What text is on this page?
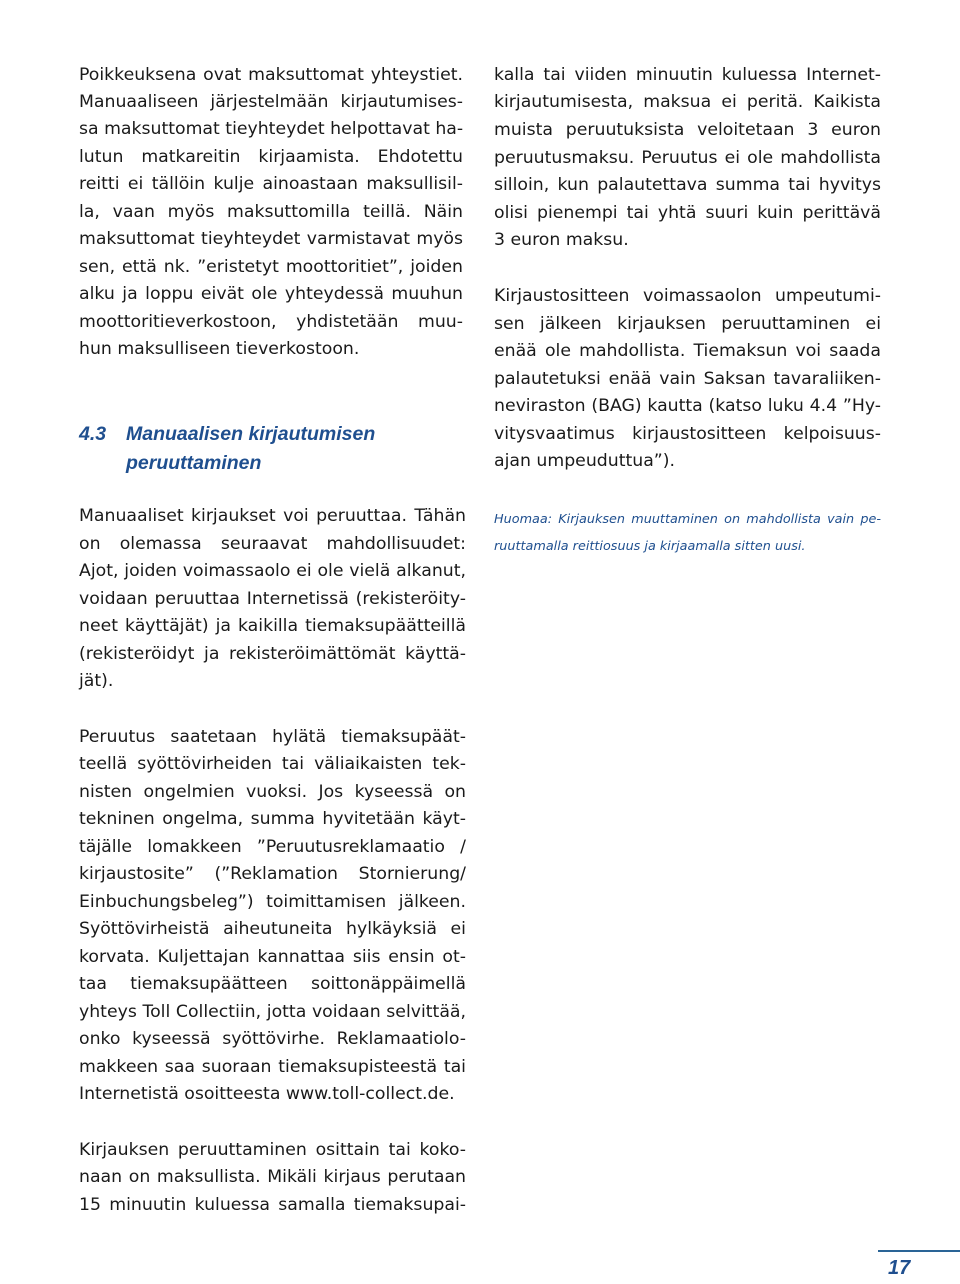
Poikkeuksena ovat maksuttomat yhteystiet.
Manuaaliseen järjestelmään kirjautumises-
sa maksuttomat tieyhteydet helpottavat ha-
lutun matkareitin kirjaamista. Ehdotettu
reitti ei tällöin kulje ainoastaan maksullisil-
la, vaan myös maksuttomilla teillä. Näin
maksuttomat tieyhteydet varmistavat myös
sen, että nk. ”eristetyt moottoritiet”, joiden
alku ja loppu eivät ole yhteydessä muuhun
moottoritieverkostoon, yhdistetään muu-
hun maksulliseen tieverkostoon.
4.3 Manuaalisen kirjautumisen
peruuttaminen
Manuaaliset kirjaukset voi peruuttaa. Tähän
on olemassa seuraavat mahdollisuudet:
Ajot, joiden voimassaolo ei ole vielä alkanut,
voidaan peruuttaa Internetissä (rekisteröity-
neet käyttäjät) ja kaikilla tiemaksupäätteillä
(rekisteröidyt ja rekisteröimättömät käyttä-
jät).
Peruutus saatetaan hylätä tiemaksupäät-
teellä syöttövirheiden tai väliaikaisten tek-
nisten ongelmien vuoksi. Jos kyseessä on
tekninen ongelma, summa hyvitetään käyt-
täjälle lomakkeen ”Peruutusreklamaatio /
kirjaustosite” (”Reklamation Stornierung/
Einbuchungsbeleg”) toimittamisen jälkeen.
Syöttövirheistä aiheutuneita hylkäyksiä ei
korvata. Kuljettajan kannattaa siis ensin ot-
taa tiemaksupäätteen soittonäppäimellä
yhteys Toll Collectiin, jotta voidaan selvittää,
onko kyseessä syöttövirhe. Reklamaatiolo-
makkeen saa suoraan tiemaksupisteestä tai
Internetistä osoitteesta www.toll-collect.de.
Kirjauksen peruuttaminen osittain tai koko-
naan on maksullista. Mikäli kirjaus perutaan
15 minuutin kuluessa samalla tiemaksupai-
kalla tai viiden minuutin kuluessa Internet-
kirjautumisesta, maksua ei peritä. Kaikista
muista peruutuksista veloitetaan 3 euron
peruutusmaksu. Peruutus ei ole mahdollista
silloin, kun palautettava summa tai hyvitys
olisi pienempi tai yhtä suuri kuin perittävä
3 euron maksu.
Kirjaustositteen voimassaolon umpeutumi-
sen jälkeen kirjauksen peruuttaminen ei
enää ole mahdollista. Tiemaksun voi saada
palautetuksi enää vain Saksan tavaraliiken-
neviraston (BAG) kautta (katso luku 4.4 ”Hy-
vitysvaatimus kirjaustositteen kelpoisuus-
ajan umpeuduttua”).
Huomaa: Kirjauksen muuttaminen on mahdollista vain pe-
ruuttamalla reittiosuus ja kirjaamalla sitten uusi.
17
